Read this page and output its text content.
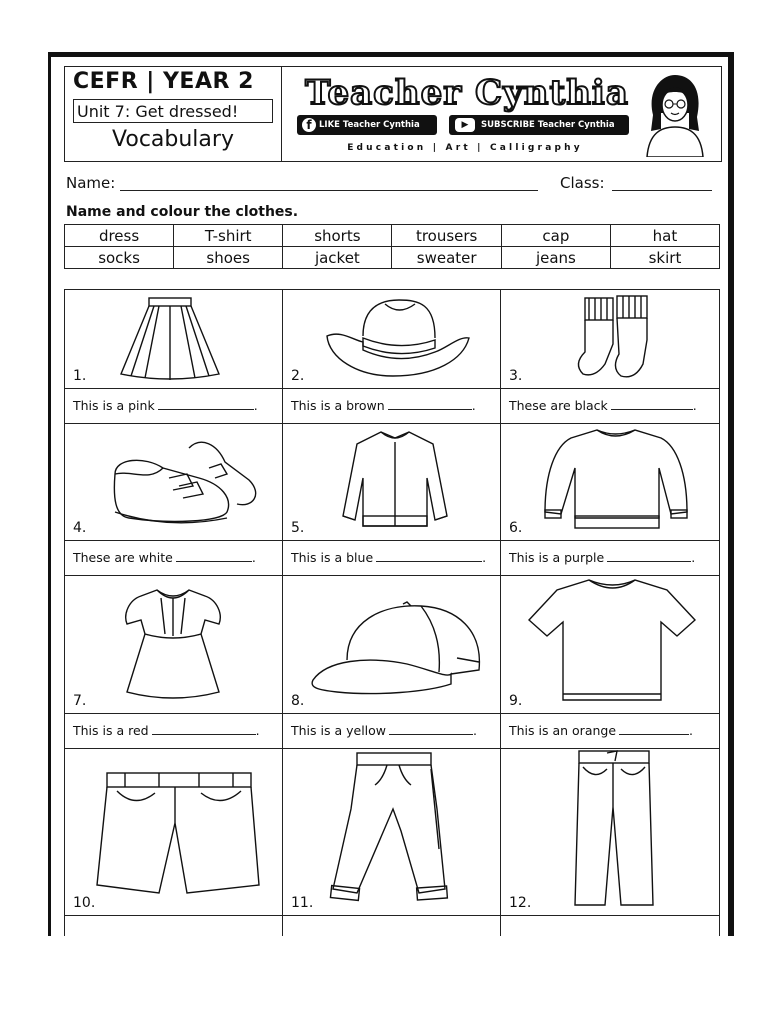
CEFR | YEAR 2
Unit 7: Get dressed!
Vocabulary
Teacher Cynthia
f LIKE Teacher Cynthia	▶	SUBSCRIBE Teacher Cynthia
Education | Art | Calligraphy
Name:	Class:
Name and colour the clothes.
dress	T-shirt	shorts	trousers	cap	hat
socks	shoes	jacket	sweater	jeans	skirt
1.	2.	3.
This is a pink	.	This is a brown	.	These are black	.
4.	5.	6.
These are white	.	This is a blue	.	This is a purple	.
7.	8.	9.
This is a red	.	This is a yellow	.	This is an orange	.
10.	11.	12.
